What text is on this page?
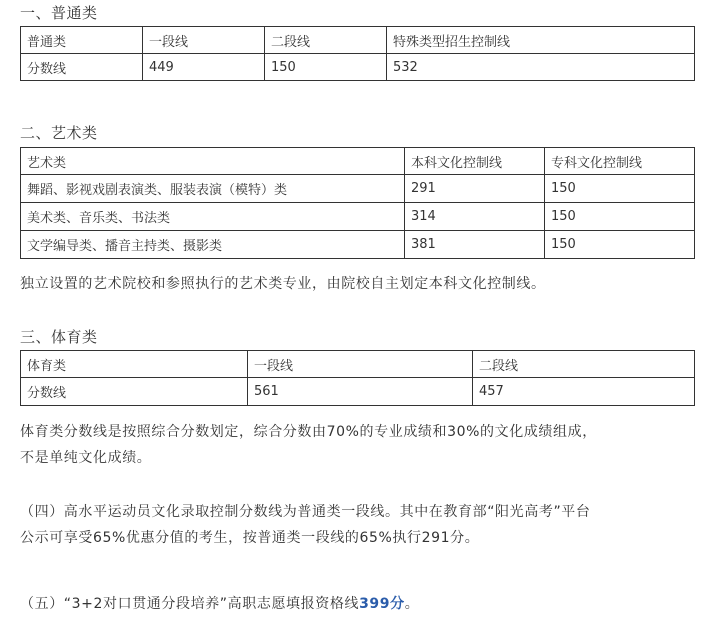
一、普通类
普通类	一段线	二段线	特殊类型招生控制线
分数线	449	150	532
二、艺术类
艺术类	本科文化控制线	专科文化控制线
舞蹈、影视戏剧表演类、服装表演（模特）类	291	150
美术类、音乐类、书法类	314	150
文学编导类、播音主持类、摄影类	381	150
独立设置的艺术院校和参照执行的艺术类专业，由院校自主划定本科文化控制线。
三、体育类
体育类	一段线	二段线
分数线	561	457
体育类分数线是按照综合分数划定，综合分数由70%的专业成绩和30%的文化成绩组成，
不是单纯文化成绩。
（四）高水平运动员文化录取控制分数线为普通类一段线。其中在教育部“阳光高考”平台
公示可享受65%优惠分值的考生，按普通类一段线的65%执行291分。
（五）“3+2对口贯通分段培养”高职志愿填报资格线399分。
